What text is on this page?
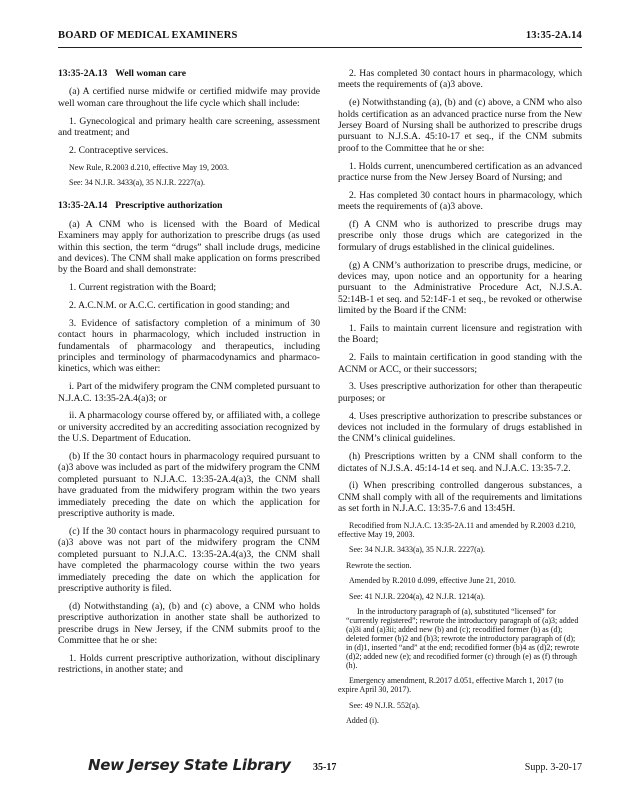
BOARD OF MEDICAL EXAMINERS	13:35-2A.14

13:35-2A.13 Well woman care

(a) A certified nurse midwife or certified midwife may provide well woman care throughout the life cycle which shall include:

1. Gynecological and primary health care screening, assessment and treatment; and

2. Contraceptive services.

New Rule, R.2003 d.210, effective May 19, 2003.

See: 34 N.J.R. 3433(a), 35 N.J.R. 2227(a).

13:35-2A.14 Prescriptive authorization

(a) A CNM who is licensed with the Board of Medical Examiners may apply for authorization to prescribe drugs (as used within this section, the term “drugs” shall include drugs, medicine and devices). The CNM shall make application on forms prescribed by the Board and shall demonstrate:

1. Current registration with the Board;

2. A.C.N.M. or A.C.C. certification in good standing; and

3. Evidence of satisfactory completion of a minimum of 30 contact hours in pharmacology, which included instruction in fundamentals of pharmacology and therapeutics, including principles and terminology of pharmacodynamics and pharmaco-kinetics, which was either:

i. Part of the midwifery program the CNM completed pursuant to N.J.A.C. 13:35-2A.4(a)3; or

ii. A pharmacology course offered by, or affiliated with, a college or university accredited by an accrediting association recognized by the U.S. Department of Education.

(b) If the 30 contact hours in pharmacology required pursuant to (a)3 above was included as part of the midwifery program the CNM completed pursuant to N.J.A.C. 13:35-2A.4(a)3, the CNM shall have graduated from the midwifery program within the two years immediately preceding the date on which the application for prescriptive authority is made.

(c) If the 30 contact hours in pharmacology required pursuant to (a)3 above was not part of the midwifery program the CNM completed pursuant to N.J.A.C. 13:35-2A.4(a)3, the CNM shall have completed the pharmacology course within the two years immediately preceding the date on which the application for prescriptive authority is filed.

(d) Notwithstanding (a), (b) and (c) above, a CNM who holds prescriptive authorization in another state shall be authorized to prescribe drugs in New Jersey, if the CNM submits proof to the Committee that he or she:

1. Holds current prescriptive authorization, without disciplinary restrictions, in another state; and

2. Has completed 30 contact hours in pharmacology, which meets the requirements of (a)3 above.

(e) Notwithstanding (a), (b) and (c) above, a CNM who also holds certification as an advanced practice nurse from the New Jersey Board of Nursing shall be authorized to prescribe drugs pursuant to N.J.S.A. 45:10-17 et seq., if the CNM submits proof to the Committee that he or she:

1. Holds current, unencumbered certification as an advanced practice nurse from the New Jersey Board of Nursing; and

2. Has completed 30 contact hours in pharmacology, which meets the requirements of (a)3 above.

(f) A CNM who is authorized to prescribe drugs may prescribe only those drugs which are categorized in the formulary of drugs established in the clinical guidelines.

(g) A CNM’s authorization to prescribe drugs, medicine, or devices may, upon notice and an opportunity for a hearing pursuant to the Administrative Procedure Act, N.J.S.A. 52:14B-1 et seq. and 52:14F-1 et seq., be revoked or otherwise limited by the Board if the CNM:

1. Fails to maintain current licensure and registration with the Board;

2. Fails to maintain certification in good standing with the ACNM or ACC, or their successors;

3. Uses prescriptive authorization for other than therapeutic purposes; or

4. Uses prescriptive authorization to prescribe substances or devices not included in the formulary of drugs established in the CNM’s clinical guidelines.

(h) Prescriptions written by a CNM shall conform to the dictates of N.J.S.A. 45:14-14 et seq. and N.J.A.C. 13:35-7.2.

(i) When prescribing controlled dangerous substances, a CNM shall comply with all of the requirements and limitations as set forth in N.J.A.C. 13:35-7.6 and 13:45H.

Recodified from N.J.A.C. 13:35-2A.11 and amended by R.2003 d.210, effective May 19, 2003.

See: 34 N.J.R. 3433(a), 35 N.J.R. 2227(a).

Rewrote the section.

Amended by R.2010 d.099, effective June 21, 2010.

See: 41 N.J.R. 2204(a), 42 N.J.R. 1214(a).

In the introductory paragraph of (a), substituted “licensed” for “currently registered”; rewrote the introductory paragraph of (a)3; added (a)3i and (a)3ii; added new (b) and (c); recodified former (b) as (d); deleted former (b)2 and (b)3; rewrote the introductory paragraph of (d); in (d)1, inserted “and” at the end; recodified former (b)4 as (d)2; rewrote (d)2; added new (e); and recodified former (c) through (e) as (f) through (h).

Emergency amendment, R.2017 d.051, effective March 1, 2017 (to expire April 30, 2017).

See: 49 N.J.R. 552(a).

Added (i).

New Jersey State Library 35-17	Supp. 3-20-17
